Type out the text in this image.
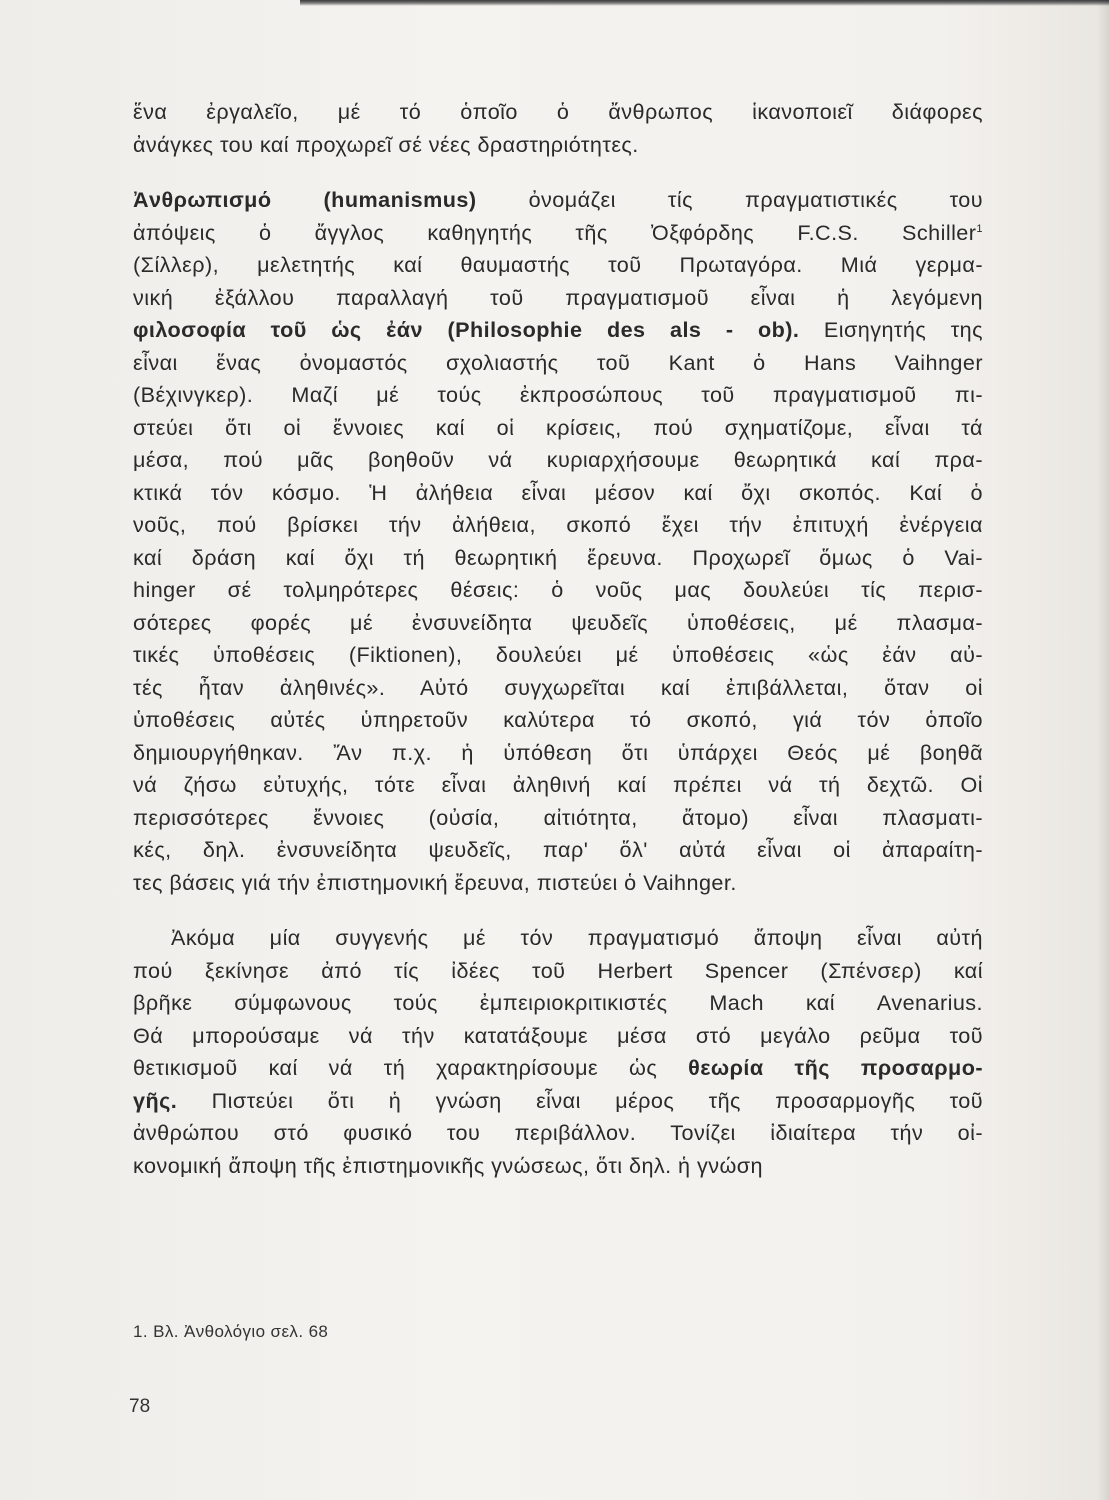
ἕνα ἐργαλεῖο, μέ τό ὁποῖο ὁ ἄνθρωπος ἱκανοποιεῖ διάφορες
ἀνάγκες του καί προχωρεῖ σέ νέες δραστηριότητες.

Ἀνθρωπισμό (humanismus) ὀνομάζει τίς πραγματιστικές του
ἀπόψεις ὁ ἄγγλος καθηγητής τῆς Ὀξφόρδης F.C.S. Schiller$^1$
(Σίλλερ), μελετητής καί θαυμαστής τοῦ Πρωταγόρα. Μιά γερμα-
νική ἐξάλλου παραλλαγή τοῦ πραγματισμοῦ εἶναι ἡ λεγόμενη
φιλοσοφία τοῦ ὡς ἐάν (Philosophie des als - ob). Εισηγητής της
εἶναι ἕνας ὀνομαστός σχολιαστής τοῦ Kant ὁ Hans Vaihnger
(Βέχινγκερ). Μαζί μέ τούς ἐκπροσώπους τοῦ πραγματισμοῦ πι-
στεύει ὅτι οἱ ἔννοιες καί οἱ κρίσεις, πού σχηματίζομε, εἶναι τά
μέσα, πού μᾶς βοηθοῦν νά κυριαρχήσουμε θεωρητικά καί πρα-
κτικά τόν κόσμο. Ἡ ἀλήθεια εἶναι μέσον καί ὄχι σκοπός. Καί ὁ
νοῦς, πού βρίσκει τήν ἀλήθεια, σκοπό ἔχει τήν ἐπιτυχή ἐνέργεια
καί δράση καί ὄχι τή θεωρητική ἔρευνα. Προχωρεῖ ὅμως ὁ Vai-
hinger σέ τολμηρότερες θέσεις: ὁ νοῦς μας δουλεύει τίς περισ-
σότερες φορές μέ ἐνσυνείδητα ψευδεῖς ὑποθέσεις, μέ πλασμα-
τικές ὑποθέσεις (Fiktionen), δουλεύει μέ ὑποθέσεις «ὡς ἐάν αὐ-
τές ἦταν ἀληθινές». Αὐτό συγχωρεῖται καί ἐπιβάλλεται, ὅταν οἱ
ὑποθέσεις αὐτές ὑπηρετοῦν καλύτερα τό σκοπό, γιά τόν ὁποῖο
δημιουργήθηκαν. Ἄν π.χ. ἡ ὑπόθεση ὅτι ὑπάρχει Θεός μέ βοηθᾶ
νά ζήσω εὐτυχής, τότε εἶναι ἀληθινή καί πρέπει νά τή δεχτῶ. Οἱ
περισσότερες ἔννοιες (οὐσία, αἰτιότητα, ἄτομο) εἶναι πλασματι-
κές, δηλ. ἐνσυνείδητα ψευδεῖς, παρ' ὅλ' αὐτά εἶναι οἱ ἀπαραίτη-
τες βάσεις γιά τήν ἐπιστημονική ἔρευνα, πιστεύει ὁ Vaihnger.

Ἀκόμα μία συγγενής μέ τόν πραγματισμό ἄποψη εἶναι αὐτή
πού ξεκίνησε ἀπό τίς ἰδέες τοῦ Herbert Spencer (Σπένσερ) καί
βρῆκε σύμφωνους τούς ἐμπειριοκριτικιστές Mach καί Avenarius.
Θά μπορούσαμε νά τήν κατατάξουμε μέσα στό μεγάλο ρεῦμα τοῦ
θετικισμοῦ καί νά τή χαρακτηρίσουμε ὡς θεωρία τῆς προσαρμο-
γῆς. Πιστεύει ὅτι ἡ γνώση εἶναι μέρος τῆς προσαρμογῆς τοῦ
ἀνθρώπου στό φυσικό του περιβάλλον. Τονίζει ἰδιαίτερα τήν οἰ-
κονομική ἄποψη τῆς ἐπιστημονικῆς γνώσεως, ὅτι δηλ. ἡ γνώση

1. Βλ. Ἀνθολόγιο σελ. 68
78
